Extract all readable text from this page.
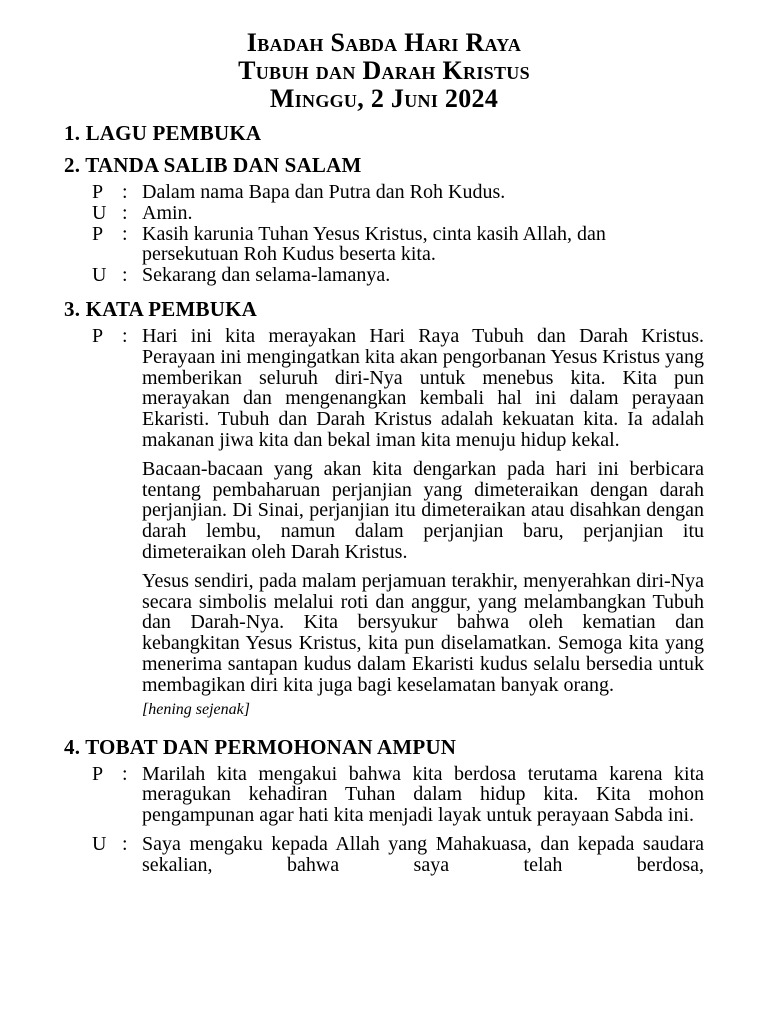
Ibadah Sabda Hari Raya
Tubuh dan Darah Kristus
Minggu, 2 Juni 2024
1. LAGU PEMBUKA
2. TANDA SALIB DAN SALAM
P : Dalam nama Bapa dan Putra dan Roh Kudus.
U : Amin.
P : Kasih karunia Tuhan Yesus Kristus, cinta kasih Allah, dan persekutuan Roh Kudus beserta kita.
U : Sekarang dan selama-lamanya.
3. KATA PEMBUKA
P : Hari ini kita merayakan Hari Raya Tubuh dan Darah Kristus. Perayaan ini mengingatkan kita akan pengorbanan Yesus Kristus yang memberikan seluruh diri-Nya untuk menebus kita. Kita pun merayakan dan mengenangkan kembali hal ini dalam perayaan Ekaristi. Tubuh dan Darah Kristus adalah kekuatan kita. Ia adalah makanan jiwa kita dan bekal iman kita menuju hidup kekal.
Bacaan-bacaan yang akan kita dengarkan pada hari ini berbicara tentang pembaharuan perjanjian yang dimeteraikan dengan darah perjanjian. Di Sinai, perjanjian itu dimeteraikan atau disahkan dengan darah lembu, namun dalam perjanjian baru, perjanjian itu dimeteraikan oleh Darah Kristus.
Yesus sendiri, pada malam perjamuan terakhir, menyerahkan diri-Nya secara simbolis melalui roti dan anggur, yang melambangkan Tubuh dan Darah-Nya. Kita bersyukur bahwa oleh kematian dan kebangkitan Yesus Kristus, kita pun diselamatkan. Semoga kita yang menerima santapan kudus dalam Ekaristi kudus selalu bersedia untuk membagikan diri kita juga bagi keselamatan banyak orang.
[hening sejenak]
4. TOBAT DAN PERMOHONAN AMPUN
P : Marilah kita mengakui bahwa kita berdosa terutama karena kita meragukan kehadiran Tuhan dalam hidup kita. Kita mohon pengampunan agar hati kita menjadi layak untuk perayaan Sabda ini.
U : Saya mengaku kepada Allah yang Mahakuasa, dan kepada saudara sekalian, bahwa saya telah berdosa,
